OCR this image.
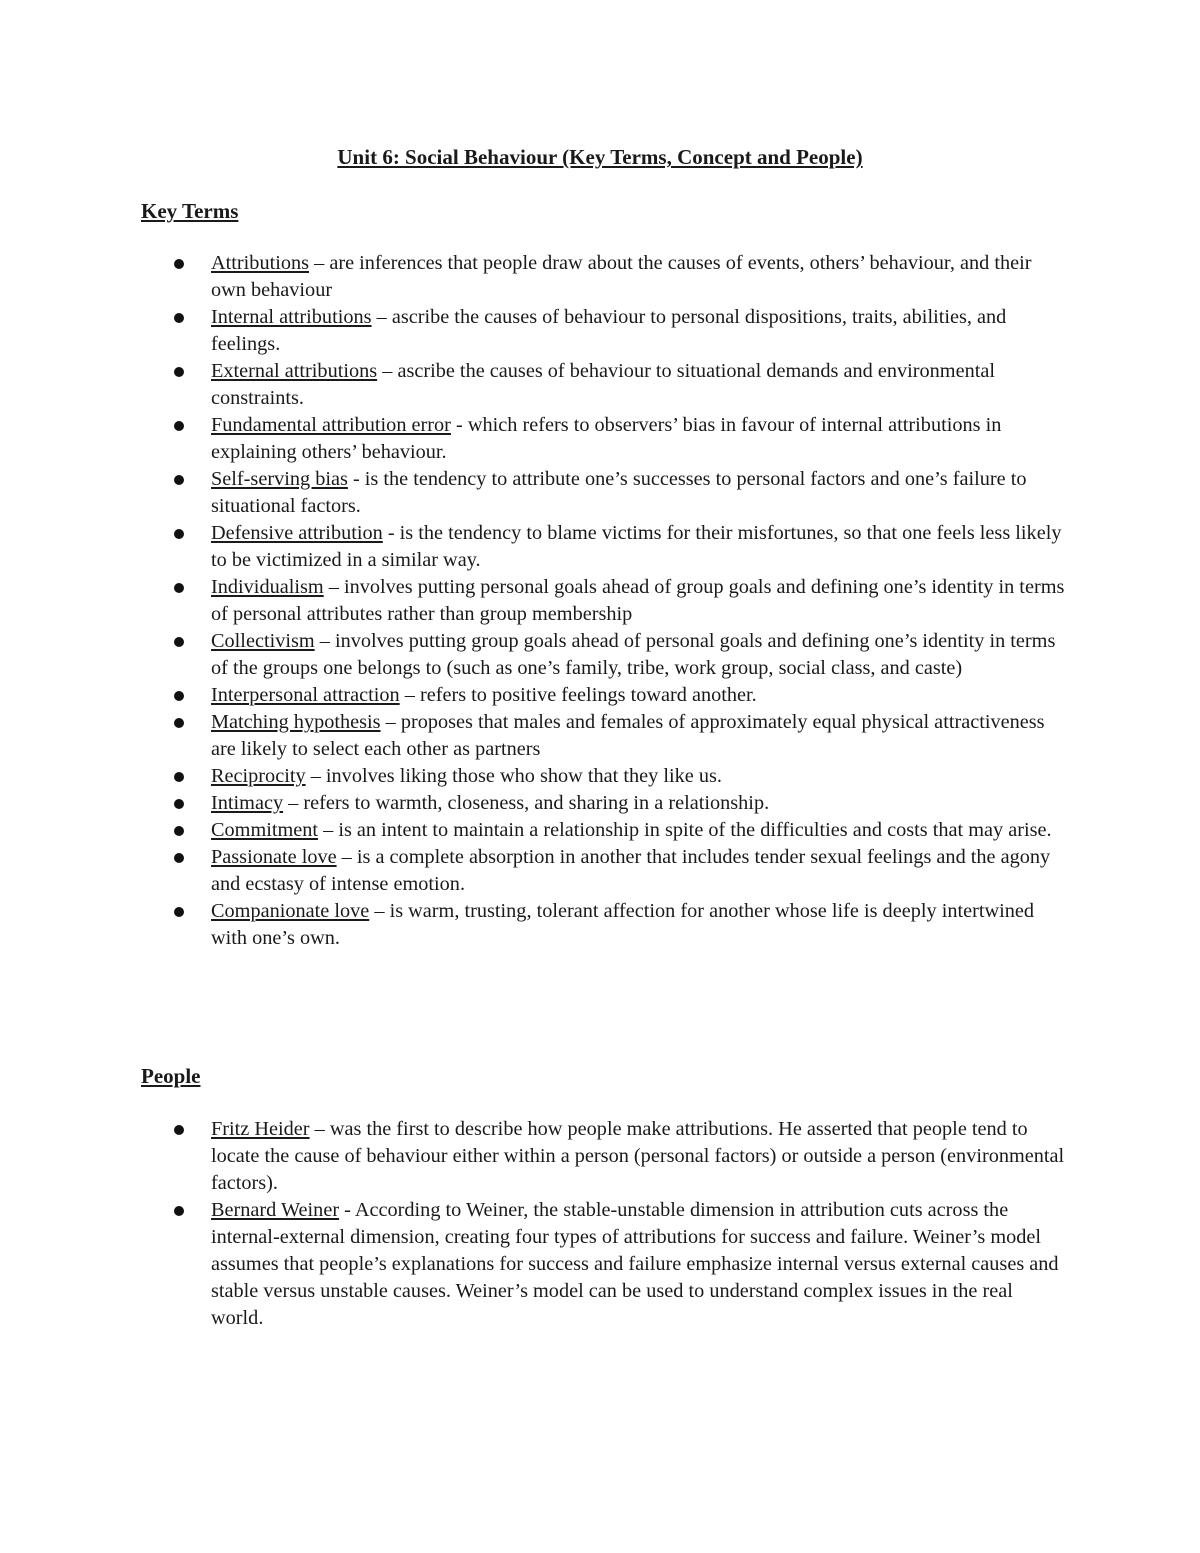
Unit 6: Social Behaviour (Key Terms, Concept and People)
Key Terms
Attributions – are inferences that people draw about the causes of events, others’ behaviour, and their own behaviour
Internal attributions – ascribe the causes of behaviour to personal dispositions, traits, abilities, and feelings.
External attributions – ascribe the causes of behaviour to situational demands and environmental constraints.
Fundamental attribution error - which refers to observers’ bias in favour of internal attributions in explaining others’ behaviour.
Self-serving bias - is the tendency to attribute one’s successes to personal factors and one’s failure to situational factors.
Defensive attribution - is the tendency to blame victims for their misfortunes, so that one feels less likely to be victimized in a similar way.
Individualism – involves putting personal goals ahead of group goals and defining one’s identity in terms of personal attributes rather than group membership
Collectivism – involves putting group goals ahead of personal goals and defining one’s identity in terms of the groups one belongs to (such as one’s family, tribe, work group, social class, and caste)
Interpersonal attraction – refers to positive feelings toward another.
Matching hypothesis – proposes that males and females of approximately equal physical attractiveness are likely to select each other as partners
Reciprocity – involves liking those who show that they like us.
Intimacy – refers to warmth, closeness, and sharing in a relationship.
Commitment – is an intent to maintain a relationship in spite of the difficulties and costs that may arise.
Passionate love – is a complete absorption in another that includes tender sexual feelings and the agony and ecstasy of intense emotion.
Companionate love – is warm, trusting, tolerant affection for another whose life is deeply intertwined with one’s own.
People
Fritz Heider – was the first to describe how people make attributions. He asserted that people tend to locate the cause of behaviour either within a person (personal factors) or outside a person (environmental factors).
Bernard Weiner - According to Weiner, the stable-unstable dimension in attribution cuts across the internal-external dimension, creating four types of attributions for success and failure. Weiner’s model assumes that people’s explanations for success and failure emphasize internal versus external causes and stable versus unstable causes. Weiner’s model can be used to understand complex issues in the real world.
